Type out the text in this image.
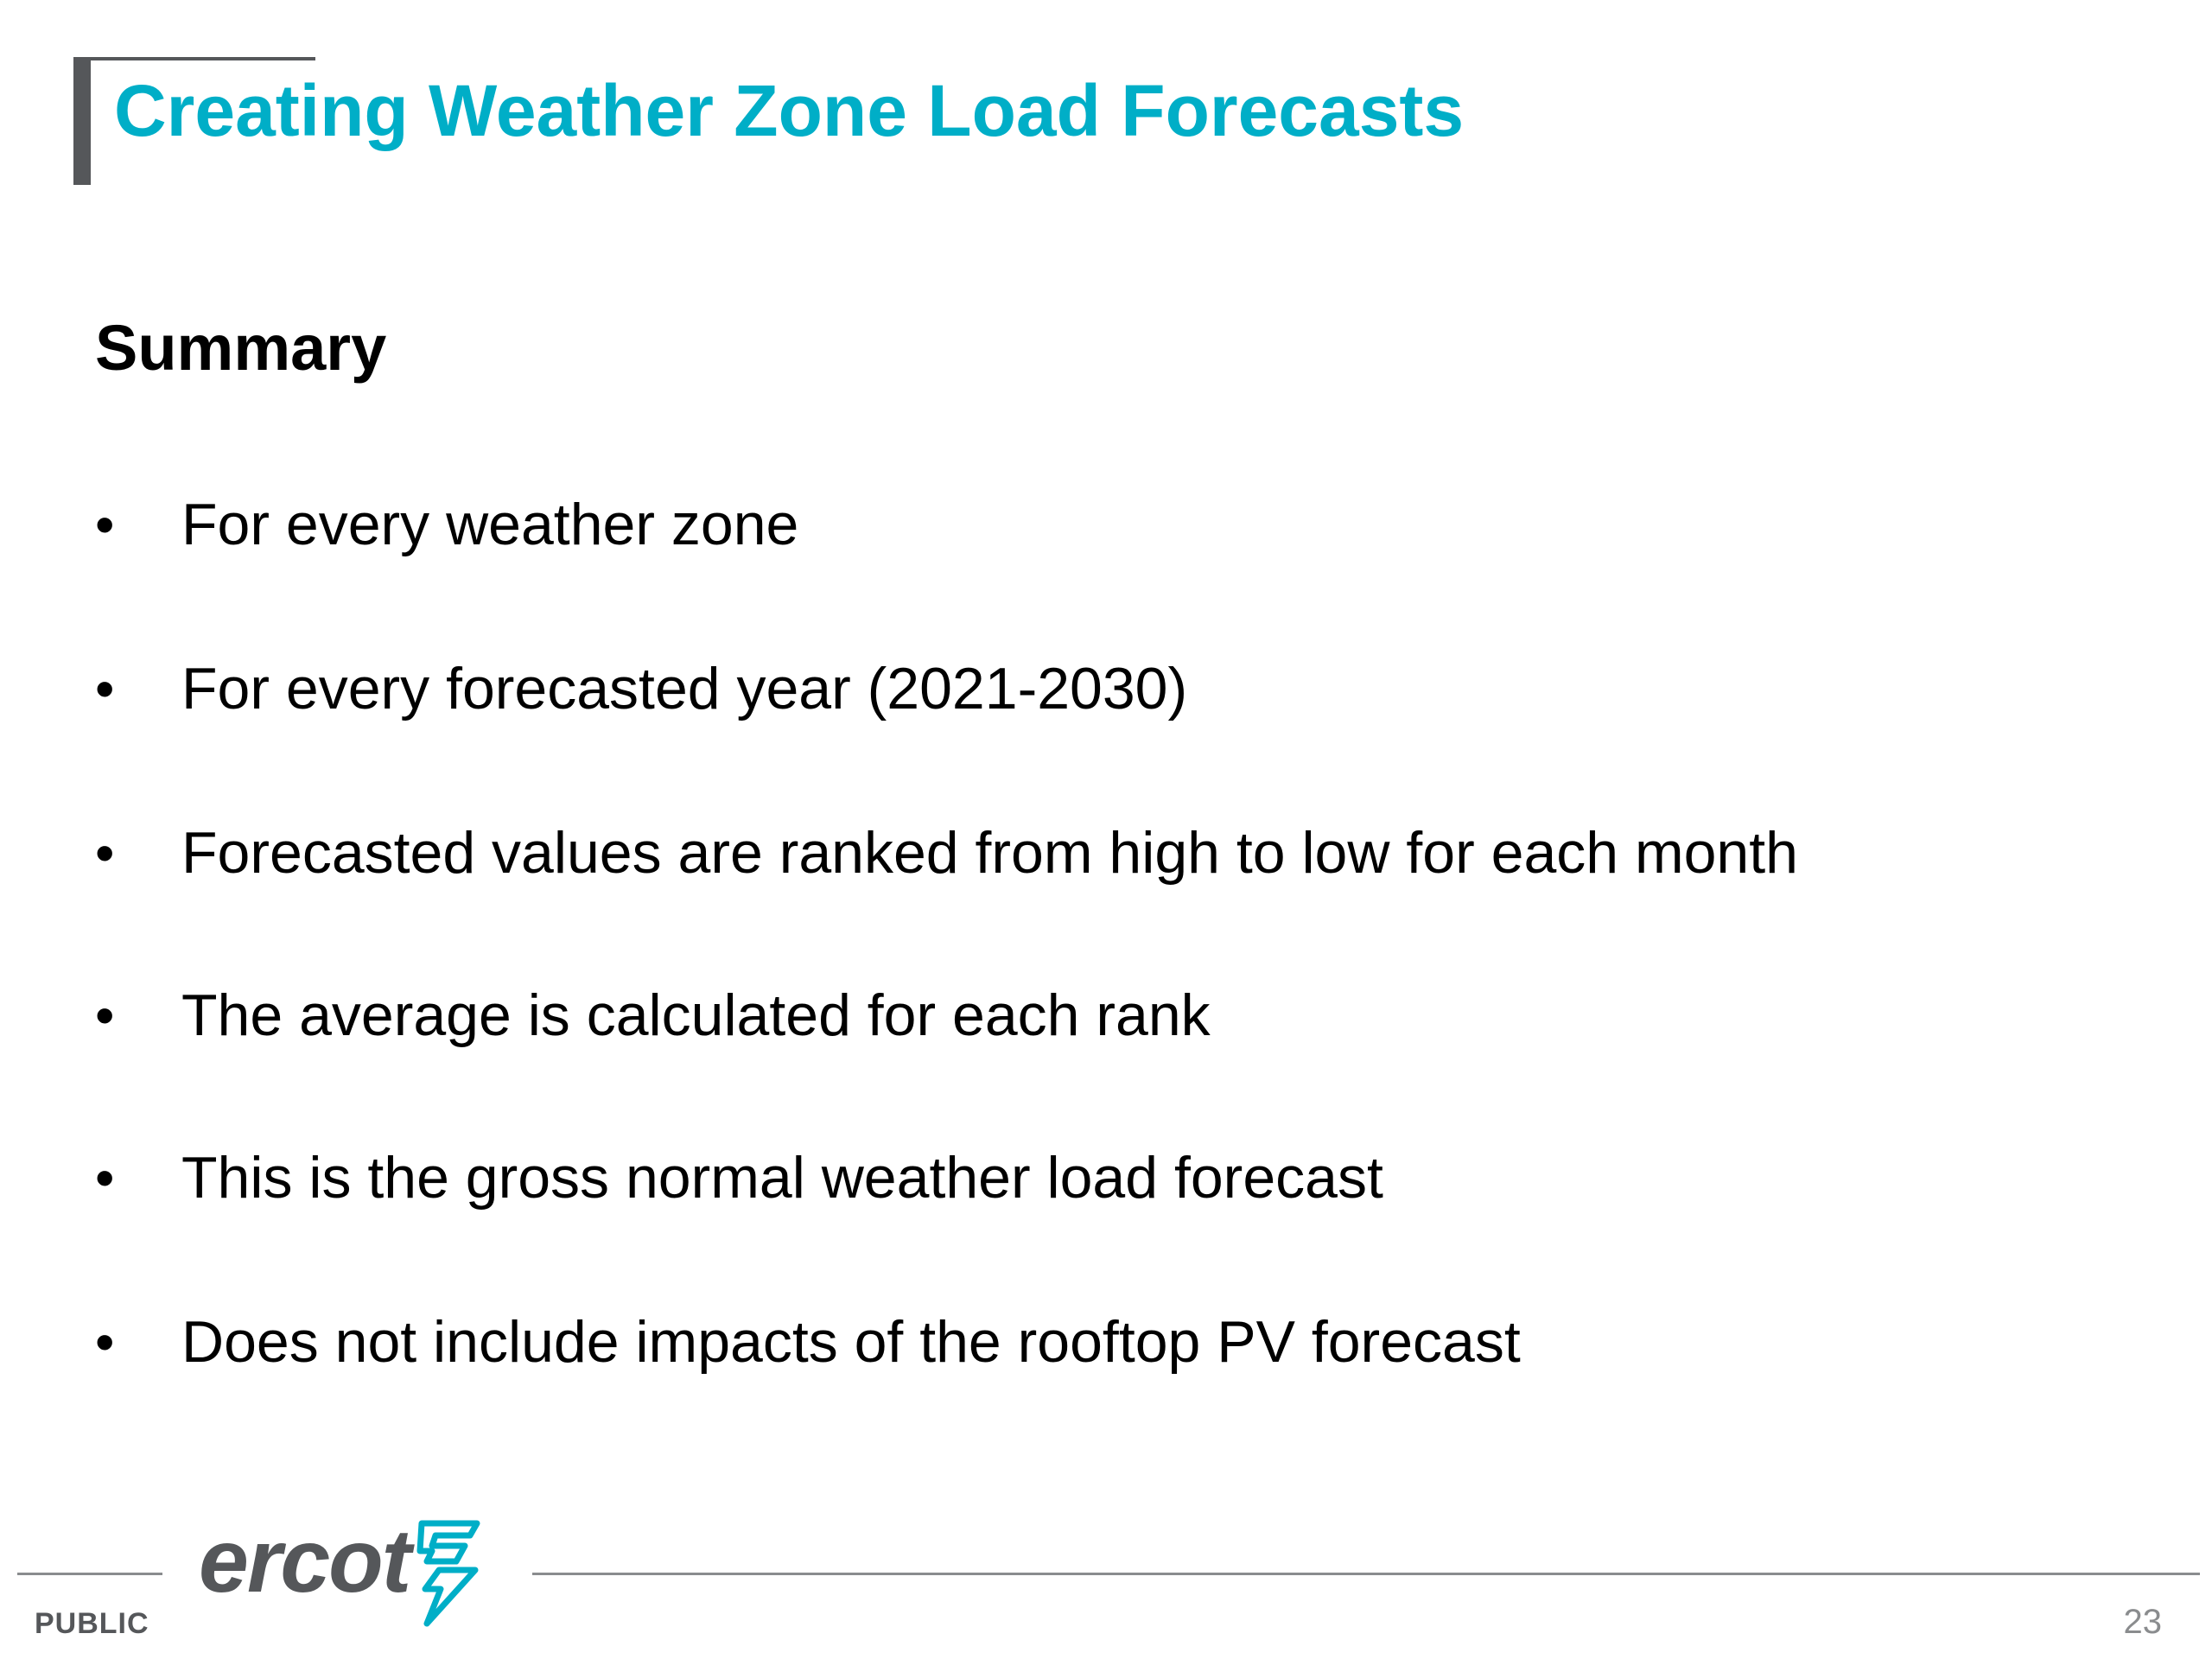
Creating Weather Zone Load Forecasts
Summary
• For every weather zone
• For every forecasted year (2021-2030)
• Forecasted values are ranked from high to low for each month
• The average is calculated for each rank
• This is the gross normal weather load forecast
• Does not include impacts of the rooftop PV forecast
ercot
PUBLIC	23
